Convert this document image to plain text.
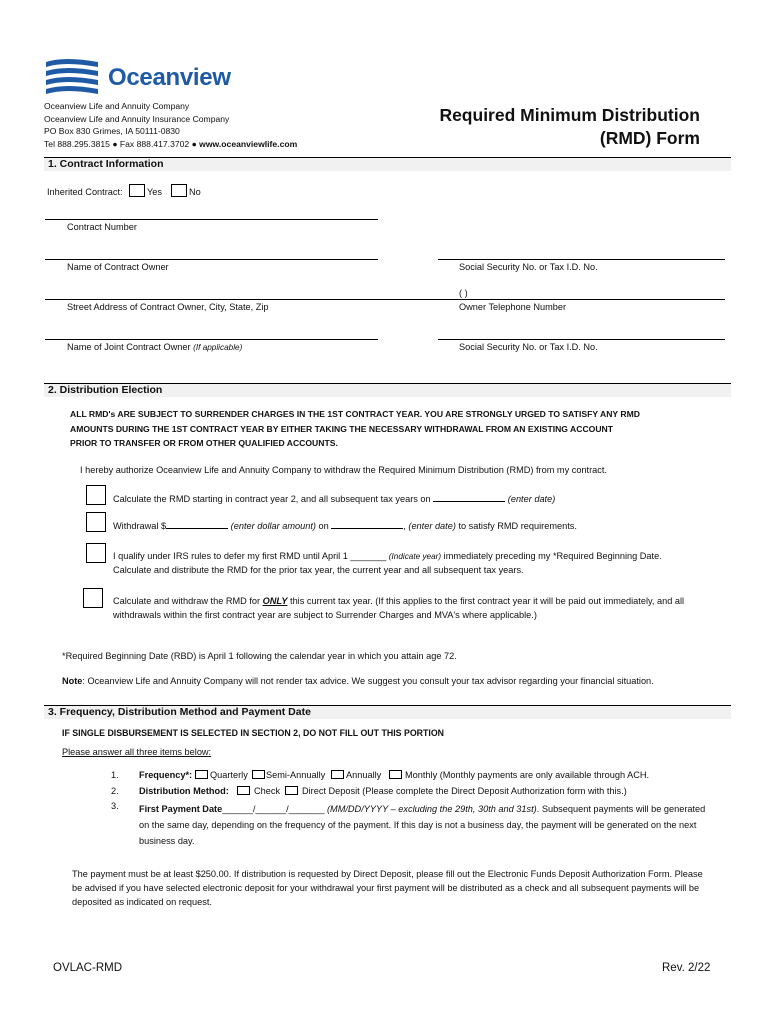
Oceanview
Oceanview Life and Annuity Company
Oceanview Life and Annuity Insurance Company
PO Box 830 Grimes, IA 50111-0830
Tel 888.295.3815 ● Fax 888.417.3702 ● www.oceanviewlife.com
Required Minimum Distribution
(RMD) Form
1. Contract Information
Inherited Contract:	Yes	No
Contract Number
Name of Contract Owner	Social Security No. or Tax I.D. No.
( )
Street Address of Contract Owner, City, State, Zip	Owner Telephone Number
Name of Joint Contract Owner (If applicable)	Social Security No. or Tax I.D. No.
2. Distribution Election
ALL RMD's ARE SUBJECT TO SURRENDER CHARGES IN THE 1ST CONTRACT YEAR. YOU ARE STRONGLY URGED TO SATISFY ANY RMD
AMOUNTS DURING THE 1ST CONTRACT YEAR BY EITHER TAKING THE NECESSARY WITHDRAWAL FROM AN EXISTING ACCOUNT
PRIOR TO TRANSFER OR FROM OTHER QUALIFIED ACCOUNTS.
I hereby authorize Oceanview Life and Annuity Company to withdraw the Required Minimum Distribution (RMD) from my contract.
Calculate the RMD starting in contract year 2, and all subsequent tax years on	(enter date)
Withdrawal $	(enter dollar amount) on	, (enter date) to satisfy RMD requirements.
I qualify under IRS rules to defer my first RMD until April 1 _______ (Indicate year) immediately preceding my *Required Beginning Date.
Calculate and distribute the RMD for the prior tax year, the current year and all subsequent tax years.
Calculate and withdraw the RMD for ONLY this current tax year. (If this applies to the first contract year it will be paid out immediately, and all
withdrawals within the first contract year are subject to Surrender Charges and MVA's where applicable.)
*Required Beginning Date (RBD) is April 1 following the calendar year in which you attain age 72.
Note: Oceanview Life and Annuity Company will not render tax advice. We suggest you consult your tax advisor regarding your financial situation.
3. Frequency, Distribution Method and Payment Date
IF SINGLE DISBURSEMENT IS SELECTED IN SECTION 2, DO NOT FILL OUT THIS PORTION
Please answer all three items below:
1. Frequency*: Quarterly Semi-Annually Annually	Monthly (Monthly payments are only available through ACH.
2. Distribution Method:	Check Direct Deposit (Please complete the Direct Deposit Authorization form with this.)
3. First Payment Date______/______/_______ (MM/DD/YYYY – excluding the 29th, 30th and 31st). Subsequent payments will be generated
on the same day, depending on the frequency of the payment. If this day is not a business day, the payment will be generated on the next
business day.
The payment must be at least $250.00. If distribution is requested by Direct Deposit, please fill out the Electronic Funds Deposit Authorization Form. Please
be advised if you have selected electronic deposit for your withdrawal your first payment will be distributed as a check and all subsequent payments will be
deposited as indicated on request.
OVLAC-RMD	Rev. 2/22
